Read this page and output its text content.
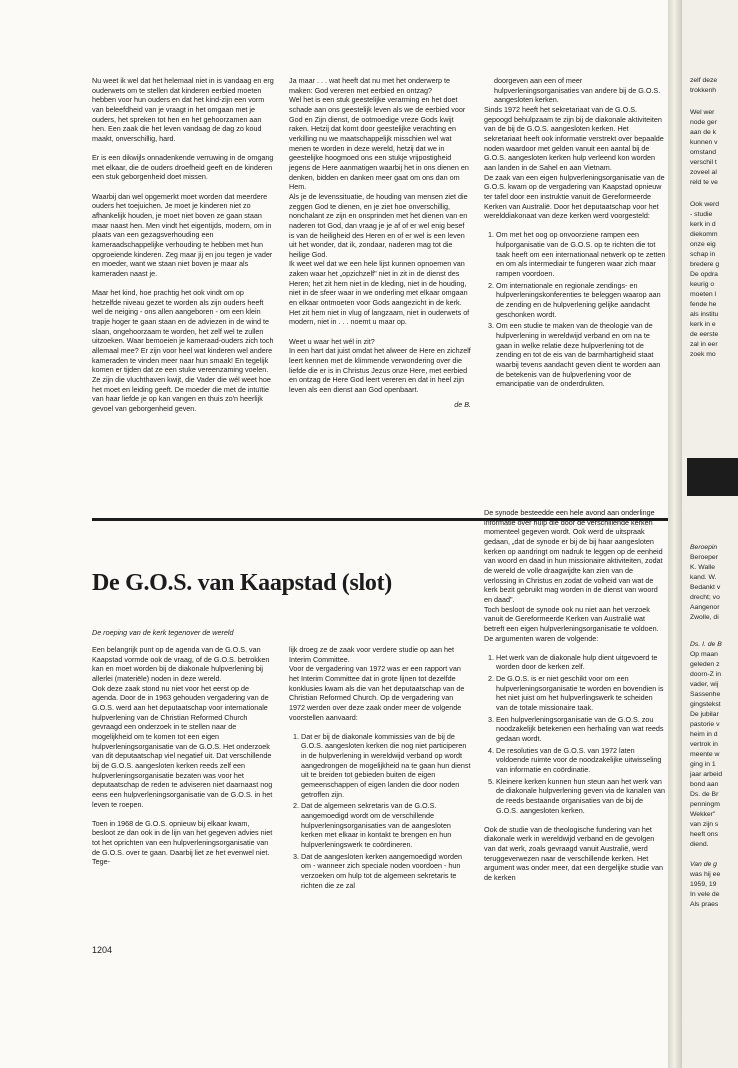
Nu weet ik wel dat het helemaal niet in is vandaag en erg ouderwets om te stellen dat kinderen eerbied moeten hebben voor hun ouders en dat het kind-zijn een vorm van beleefdheid van je vraagt in het omgaan met je ouders, het spreken tot hen en het gehoorzamen aan hen. Een zaak die het leven vandaag de dag zo koud maakt, onverschillig, hard.

Er is een dikwijls onnadenkende verruwing in de omgang met elkaar, die de ouders droefheid geeft en de kinderen een stuk geborgenheid doet missen.

Waarbij dan wel opgemerkt moet worden dat meerdere ouders het toejuichen. Je moet je kinderen niet zo afhankelijk houden, je moet niet boven ze gaan staan maar naast hen. Men vindt het eigentijds, modern, om in plaats van een gezagsverhouding een kameraadschappelijke verhouding te hebben met hun opgroeiende kinderen. Zeg maar jij en jou tegen je vader en moeder, want we staan niet boven je maar als kameraden naast je.

Maar het kind, hoe prachtig het ook vindt om op hetzelfde niveau gezet te worden als zijn ouders heeft wel de neiging - ons allen aangeboren - om een klein trapje hoger te gaan staan en de adviezen in de wind te slaan, ongehoorzaam te worden, het zelf wel te zullen uitzoeken. Waar bemoeien je kameraad-ouders zich toch allemaal mee? Er zijn voor heel wat kinderen wel andere kameraden te vinden meer naar hun smaak! En tegelijk komen er tijden dat ze een stuke vereenzaming voelen. Ze zijn die vluchthaven kwijt, die Vader die wél weet hoe het moet en leiding geeft. De moeder die met de intuïtie van haar liefde je op kan vangen en thuis zo'n heerlijk gevoel van geborgenheid geven.

Ja maar . . . wat heeft dat nu met het onderwerp te maken: God vereren met eerbied en ontzag?

Wel het is een stuk geestelijke verarming en het doet schade aan ons geestelijk leven als we de eerbied voor God en Zijn dienst, de ootmoedige vreze Gods kwijt raken. Hetzij dat komt door geestelijke verachting en verkilling nu we maatschappelijk misschien wel wat menen te worden in deze wereld, hetzij dat we in geestelijke hoogmoed ons een stukje vrijpostigheid jegens de Here aanmatigen waarbij het in ons dienen en denken, bidden en danken meer gaat om ons dan om Hem.

Als je de levenssituatie, de houding van mensen ziet die zeggen God te dienen, en je ziet hoe onverschillig, nonchalant ze zijn en onsprinden met het dienen van en naderen tot God, dan vraag je je af of er wel enig besef is van de heiligheid des Heren en of er wel is een leven uit het wonder, dat ik, zondaar, naderen mag tot die heilige God.

Ik weet wel dat we een hele lijst kunnen opnoemen van zaken waar het „opzichzelf" niet in zit in de dienst des Heren; het zit hem niet in de kleding, niet in de houding, niet in de sfeer waar in we onderling met elkaar omgaan en elkaar ontmoeten voor Gods aangezicht in de kerk. Het zit hem niet in vlug of langzaam, niet in ouderwets of modern, niet in . . . noemt u maar op.

Weet u waar het wél in zit?

In een hart dat juist omdat het alweer de Here en zichzelf leert kennen met de klimmende verwondering over die liefde die er is in Christus Jezus onze Here, met eerbied en ontzag de Here God leert vereren en dat in heel zijn leven als een dienst aan God openbaart.

de B.

doorgeven aan een of meer hulpverleningsorganisaties van andere bij de G.O.S. aangesloten kerken.

Sinds 1972 heeft het sekretariaat van de G.O.S. gepoogd behulpzaam te zijn bij de diakonale aktiviteiten van de bij de G.O.S. aangesloten kerken. Het sekretariaat heeft ook informatie verstrekt over bepaalde noden waardoor met gelden vanuit een aantal bij de G.O.S. aangesloten kerken hulp verleend kon worden aan landen in de Sahel en aan Vietnam.

De zaak van een eigen hulpverleningsorganisatie van de G.O.S. kwam op de vergadering van Kaapstad opnieuw ter tafel door een instruktie vanuit de Gereformeerde Kerken van Australië. Door het deputaatschap voor het werelddiakonaat van deze kerken werd voorgesteld:

1. Om met het oog op onvoorziene rampen een hulporganisatie van de G.O.S. op te richten die tot taak heeft om een internationaal netwerk op te zetten en om als intermediair te fungeren waar zich maar rampen voordoen.
2. Om internationale en regionale zendings- en hulpverleningskonferenties te beleggen waarop aan de zending en de hulpverlening gelijke aandacht geschonken wordt.
3. Om een studie te maken van de theologie van de hulpverlening in wereldwijd verband en om na te gaan in welke relatie deze hulpverlening tot de zending en tot de eis van de barmhartigheid staat waarbij tevens aandacht geven dient te worden aan de betekenis van de hulpverlening voor de emancipatie van de onderdrukten.
De G.O.S. van Kaapstad (slot)
De roeping van de kerk tegenover de wereld

Een belangrijk punt op de agenda van de G.O.S. van Kaapstad vormde ook de vraag, of de G.O.S. betrokken kan en moet worden bij de diakonale hulpverlening bij allerlei (materiële) noden in deze wereld.

Ook deze zaak stond nu niet voor het eerst op de agenda. Door de in 1963 gehouden vergadering van de G.O.S. werd aan het deputaatschap voor internationale hulpverlening van de Christian Reformed Church gevraagd een onderzoek in te stellen naar de mogelijkheid om te komen tot een eigen hulpverleningsorganisatie van de G.O.S. Het onderzoek van dit deputaatschap viel negatief uit. Dat verschillende bij de G.O.S. aangesloten kerken reeds zelf een hulpverleningsorganisatie bezaten was voor het deputaatschap de reden te adviseren niet daarnaast nog eens een hulpverleningsorganisatie van de G.O.S. in het leven te roepen.

Toen in 1968 de G.O.S. opnieuw bij elkaar kwam, besloot ze dan ook in de lijn van het gegeven advies niet tot het oprichten van een hulpverleningsorganisatie van de G.O.S. over te gaan. Daarbij liet ze het evenwel niet. Tege-

lijk droeg ze de zaak voor verdere studie op aan het Interim Committee.

Voor de vergadering van 1972 was er een rapport van het Interim Committee dat in grote lijnen tot dezelfde konklusies kwam als die van het deputaatschap van de Christian Reformed Church. Op de vergadering van 1972 werden over deze zaak onder meer de volgende voorstellen aanvaard:

1. Dat er bij de diakonale kommissies van de bij de G.O.S. aangesloten kerken die nog niet participeren in de hulpverlening in wereldwijd verband op wordt aangedrongen de mogelijkheid na te gaan hun dienst uit te breiden tot gebieden buiten de eigen gemeenschappen of eigen landen die door noden getroffen zijn.
2. Dat de algemeen sekretaris van de G.O.S. aangemoedigd wordt om de verschillende hulpverleningsorganisaties van de aangesloten kerken met elkaar in kontakt te brengen en hun hulpverleningswerk te coördineren.
3. Dat de aangesloten kerken aangemoedigd worden om - wanneer zich speciale noden voordoen - hun verzoeken om hulp tot de algemeen sekretaris te richten die ze zal

De synode besteedde een hele avond aan onderlinge informatie over hulp die door de verschillende kerken momenteel gegeven wordt. Ook werd de uitspraak gedaan, „dat de synode er bij de bij haar aangesloten kerken op aandringt om nadruk te leggen op de eenheid van woord en daad in hun missionaire aktiviteiten, zodat de wereld de volle draagwijdte kan zien van de verlossing in Christus en zodat de volheid van wat de kerk bezit gebruikt mag worden in de dienst van woord en daad".

Toch besloot de synode ook nu niet aan het verzoek vanuit de Gereformeerde Kerken van Australië wat betreft een eigen hulpverleningsorganisatie te voldoen. De argumenten waren de volgende:

1. Het werk van de diakonale hulp dient uitgevoerd te worden door de kerken zelf.
2. De G.O.S. is er niet geschikt voor om een hulpverleningsorganisatie te worden en bovendien is het niet juist om het hulpverlingswerk te scheiden van de totale missionaire taak.
3. Een hulpverleningsorganisatie van de G.O.S. zou noodzakelijk betekenen een herhaling van wat reeds gedaan wordt.
4. De resoluties van de G.O.S. van 1972 laten voldoende ruimte voor de noodzakelijke uitwisseling van informatie en coördinatie.
5. Kleinere kerken kunnen hun steun aan het werk van de diakonale hulpverlening geven via de kanalen van de reeds bestaande organisaties van de bij de G.O.S. aangesloten kerken.

Ook de studie van de theologische fundering van het diakonale werk in wereldwijd verband en de gevolgen van dat werk, zoals gevraagd vanuit Australië, werd teruggeverwezen naar de verschillende kerken. Het argument was onder meer, dat een dergelijke studie van de kerken

1204
zelf deze
trokkenh
Wel wer
node ger
aan de k
kunnen v
omstand
verschil t
zoveel al
reld te ve
Ook werd
- studie
kerk in d
diekomm
onze eig
schap in
bredere g
De opdra
keurig o
moeten l
fende he
als institu
kerk in e
de eerste
zal in eer
zoek mo
Beroepin
Beroeper
K. Walle
kand. W.
Bedankt v
drecht; vo
Aangenor
Zwolle, di
Ds. I. de B
Op maan
geleden z
doorn-Z in
vader, wij
Sassenhe
gingstekst
De jubilar
pastorie v
heim in d
vertrok in
meente w
ging in 1
jaar arbeid
bond aan
Ds. de Br
penningm
Wekker"
van zijn s
heeft ons
diend.
Van de g
was hij ee
1959, 19
In vele de
Als praes
